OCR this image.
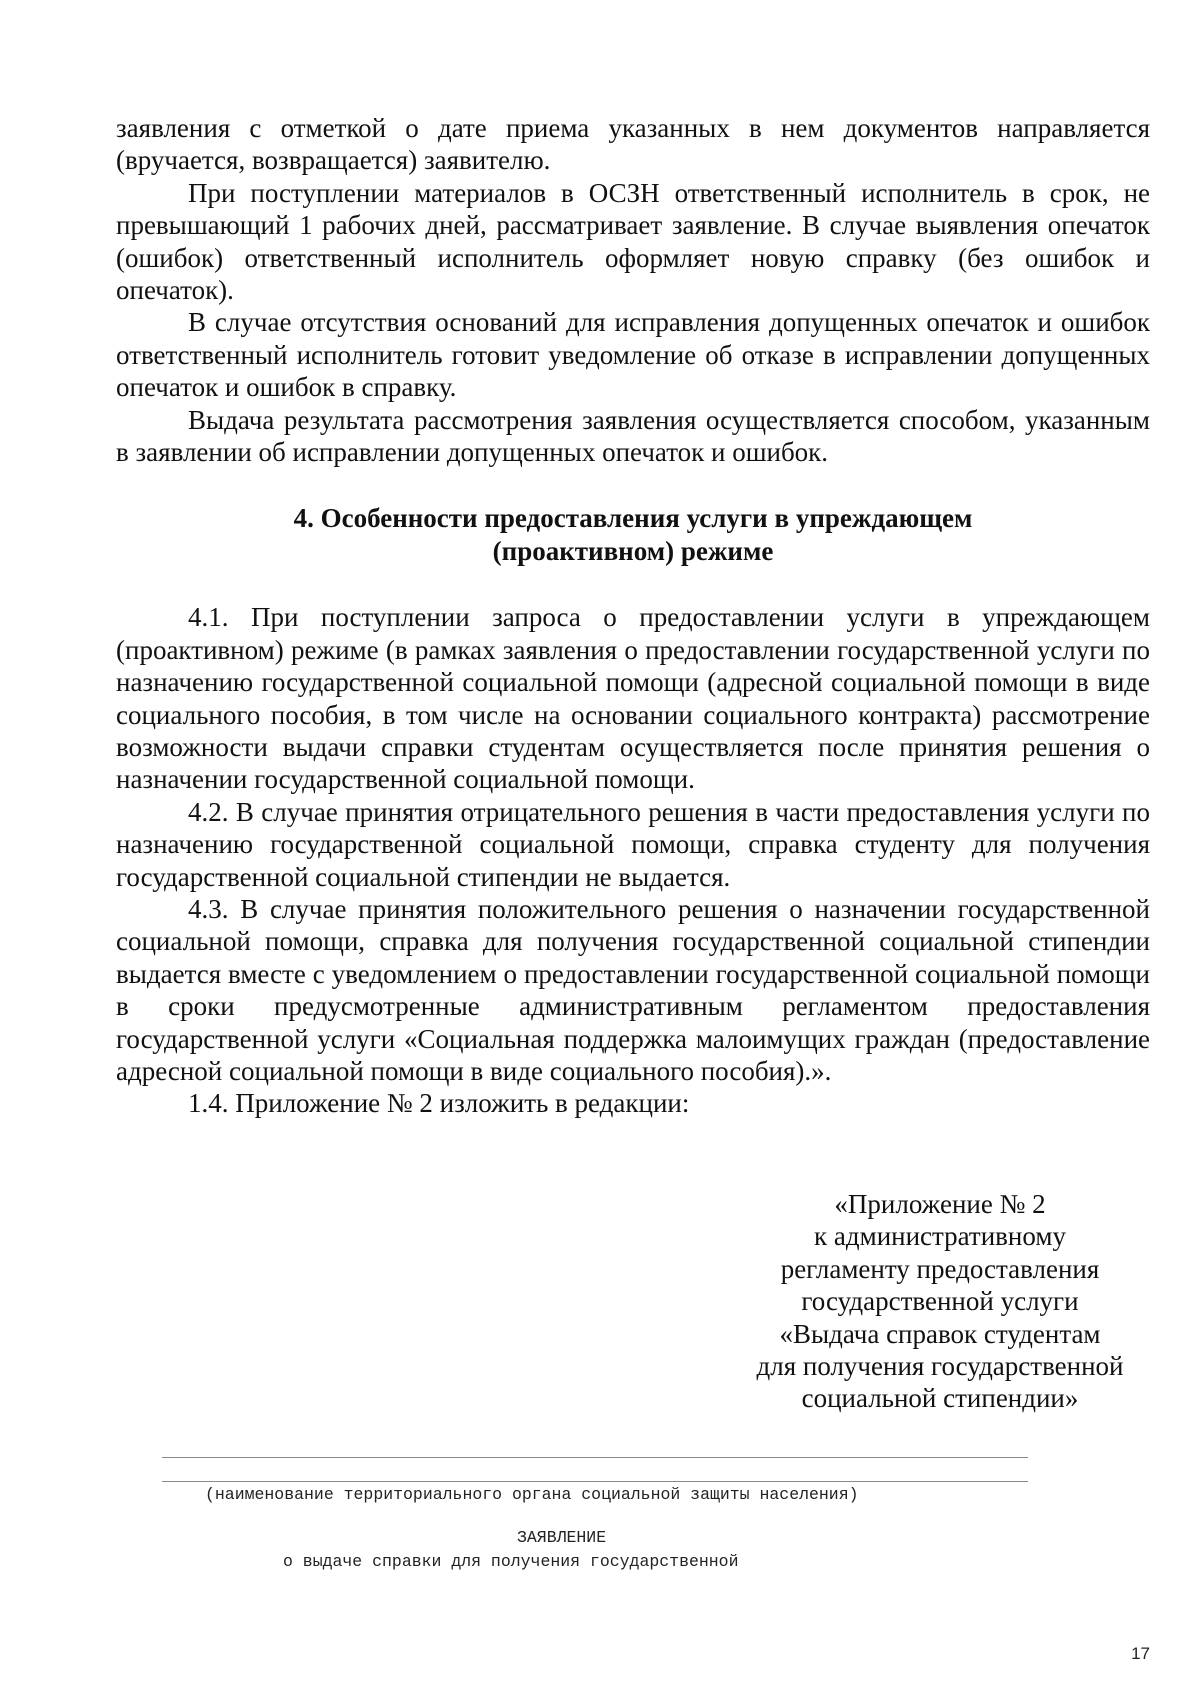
заявления с отметкой о дате приема указанных в нем документов направляется (вручается, возвращается) заявителю.

При поступлении материалов в ОСЗН ответственный исполнитель в срок, не превышающий 1 рабочих дней, рассматривает заявление. В случае выявления опечаток (ошибок) ответственный исполнитель оформляет новую справку (без ошибок и опечаток).

В случае отсутствия оснований для исправления допущенных опечаток и ошибок ответственный исполнитель готовит уведомление об отказе в исправлении допущенных опечаток и ошибок в справку.

Выдача результата рассмотрения заявления осуществляется способом, указанным в заявлении об исправлении допущенных опечаток и ошибок.

4. Особенности предоставления услуги в упреждающем
(проактивном) режиме

4.1. При поступлении запроса о предоставлении услуги в упреждающем (проактивном) режиме (в рамках заявления о предоставлении государственной услуги по назначению государственной социальной помощи (адресной социальной помощи в виде социального пособия, в том числе на основании социального контракта) рассмотрение возможности выдачи справки студентам осуществляется после принятия решения о назначении государственной социальной помощи.

4.2. В случае принятия отрицательного решения в части предоставления услуги по назначению государственной социальной помощи, справка студенту для получения государственной социальной стипендии не выдается.

4.3. В случае принятия положительного решения о назначении государственной социальной помощи, справка для получения государственной социальной стипендии выдается вместе с уведомлением о предоставлении государственной социальной помощи в сроки предусмотренные административным регламентом предоставления государственной услуги «Социальная поддержка малоимущих граждан (предоставление адресной социальной помощи в виде социального пособия).».

1.4. Приложение № 2 изложить в редакции:

«Приложение № 2
к административному
регламенту предоставления
государственной услуги
«Выдача справок студентам
для получения государственной
социальной стипендии»
(наименование территориального органа социальной защиты населения)
ЗАЯВЛЕНИЕ
о выдаче справки для получения государственной
17
